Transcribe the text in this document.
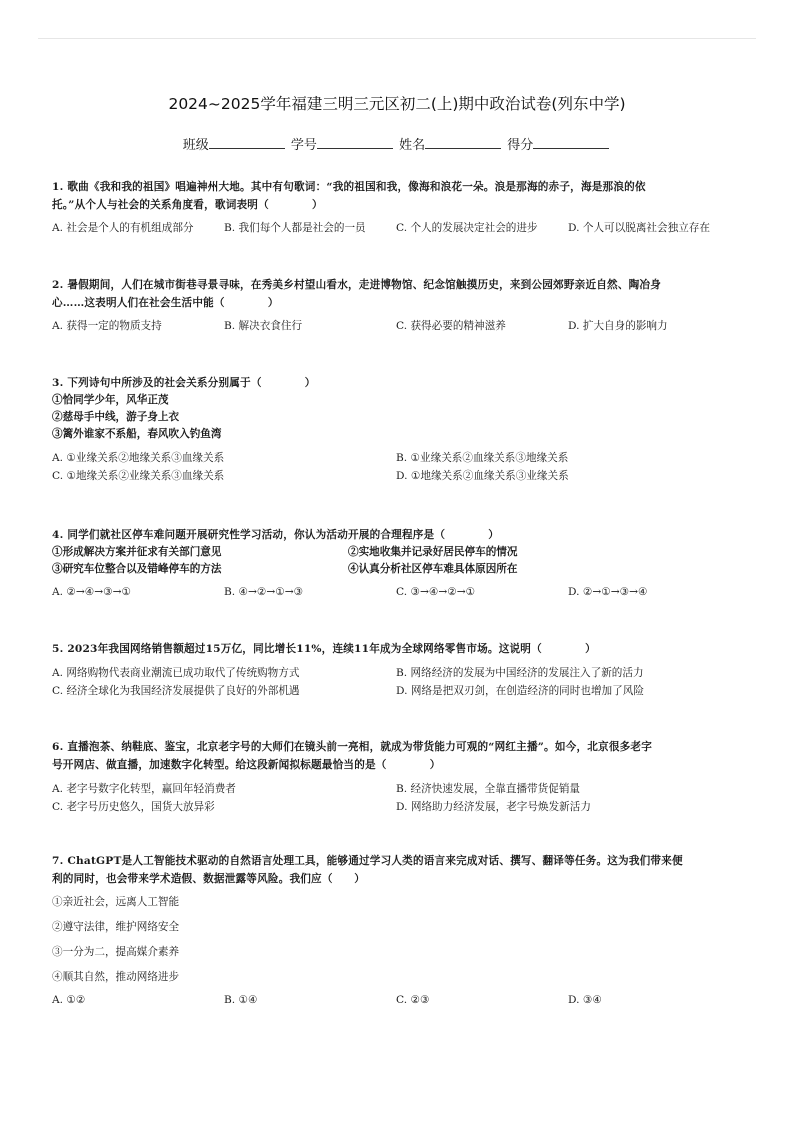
2024~2025学年福建三明三元区初二(上)期中政治试卷(列东中学)
班级	学号	姓名	得分
1. 歌曲《我和我的祖国》唱遍神州大地。其中有句歌词：“我的祖国和我，像海和浪花一朵。浪是那海的赤子，海是那浪的依
托。”从个人与社会的关系角度看，歌词表明（　　　　）
A. 社会是个人的有机组成部分	B. 我们每个人都是社会的一员	C. 个人的发展决定社会的进步	D. 个人可以脱离社会独立存在
2. 暑假期间，人们在城市街巷寻景寻味，在秀美乡村望山看水，走进博物馆、纪念馆触摸历史，来到公园郊野亲近自然、陶冶身
心……这表明人们在社会生活中能（　　　　）
A. 获得一定的物质支持	B. 解决衣食住行	C. 获得必要的精神滋养	D. 扩大自身的影响力
3. 下列诗句中所涉及的社会关系分别属于（　　　　）
①恰同学少年，风华正茂
②慈母手中线，游子身上衣
③篱外谁家不系船，春风吹入钓鱼湾
A. ①业缘关系②地缘关系③血缘关系	B. ①业缘关系②血缘关系③地缘关系
C. ①地缘关系②业缘关系③血缘关系	D. ①地缘关系②血缘关系③业缘关系
4. 同学们就社区停车难问题开展研究性学习活动，你认为活动开展的合理程序是（　　　　）
①形成解决方案并征求有关部门意见	②实地收集并记录好居民停车的情况
③研究车位整合以及错峰停车的方法	④认真分析社区停车难具体原因所在
A. ②→④→③→①	B. ④→②→①→③	C. ③→④→②→①	D. ②→①→③→④
5. 2023年我国网络销售额超过15万亿，同比增长11%，连续11年成为全球网络零售市场。这说明（　　　　）
A. 网络购物代表商业潮流已成功取代了传统购物方式	B. 网络经济的发展为中国经济的发展注入了新的活力
C. 经济全球化为我国经济发展提供了良好的外部机遇	D. 网络是把双刃剑，在创造经济的同时也增加了风险
6. 直播泡茶、纳鞋底、鉴宝，北京老字号的大师们在镜头前一亮相，就成为带货能力可观的“网红主播”。如今，北京很多老字
号开网店、做直播，加速数字化转型。给这段新闻拟标题最恰当的是（　　　　）
A. 老字号数字化转型，赢回年轻消费者	B. 经济快速发展，全靠直播带货促销量
C. 老字号历史悠久，国货大放异彩	D. 网络助力经济发展，老字号焕发新活力
7. ChatGPT是人工智能技术驱动的自然语言处理工具，能够通过学习人类的语言来完成对话、撰写、翻译等任务。这为我们带来便
利的同时，也会带来学术造假、数据泄露等风险。我们应（　　）
①亲近社会，远离人工智能
②遵守法律，维护网络安全
③一分为二，提高媒介素养
④顺其自然，推动网络进步
A. ①②	B. ①④	C. ②③	D. ③④
